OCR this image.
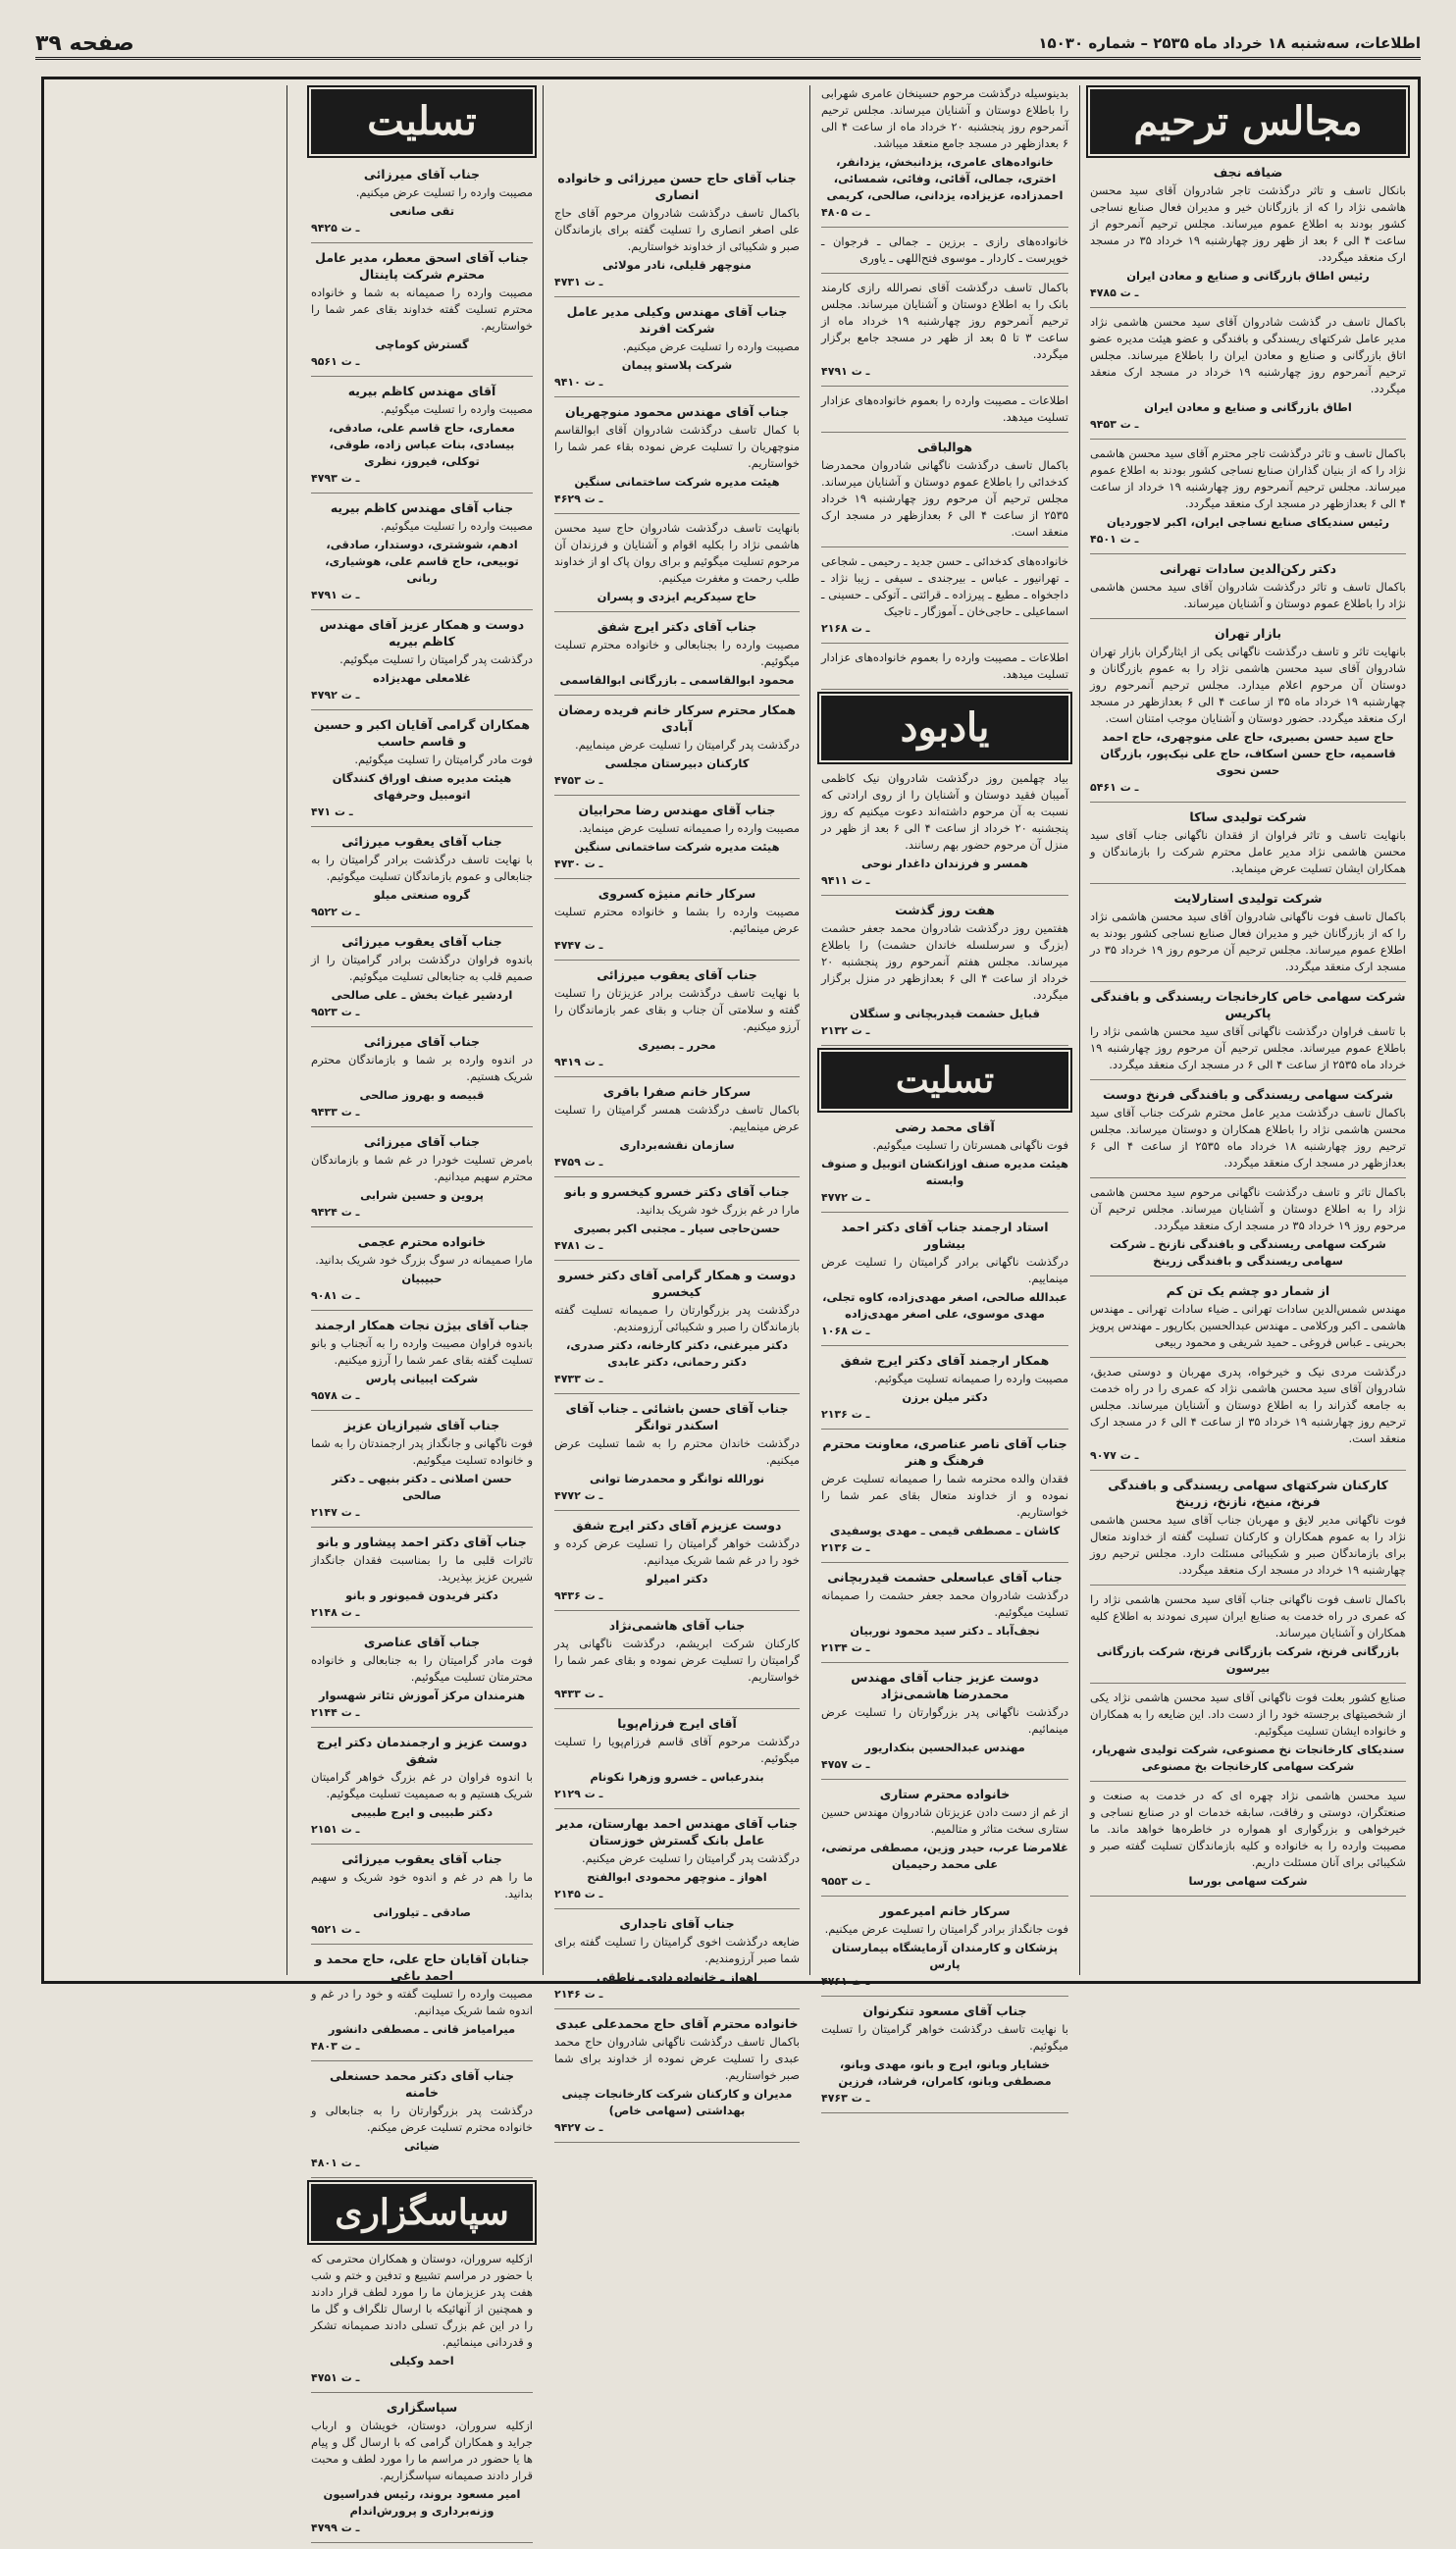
اطلاعات، سه‌شنبه ۱۸ خرداد ماه ۲۵۳۵ – شماره ۱۵۰۳۰
صفحه ۳۹
مجالس ترحیم
ضیافه نجف
بانکال تاسف و تاثر درگذشت تاجر شادروان آقای سید محسن هاشمی نژاد را که از بازرگانان خیر و مدیران فعال صنایع نساجی کشور بودند به اطلاع عموم میرساند. مجلس ترحیم آنمرحوم از ساعت ۴ الی ۶ بعد از ظهر روز چهارشنبه ۱۹ خرداد ۳۵ در مسجد ارک منعقد میگردد.
رئیس اطاق بازرگانی و صنایع و معادن ایران
۴۷۸۵ ـ ت
باکمال تاسف در گذشت شادروان آقای سید محسن هاشمی نژاد مدیر عامل شرکتهای ریسندگی و بافندگی و عضو هیئت مدیره عضو اتاق بازرگانی و صنایع و معادن ایران را باطلاع میرساند. مجلس ترحیم آنمرحوم روز چهارشنبه ۱۹ خرداد در مسجد ارک منعقد میگردد.
اطاق بازرگانی و صنایع و معادن ایران
۹۴۵۳ ـ ت
باکمال تاسف و تاثر درگذشت تاجر محترم آقای سید محسن هاشمی نژاد را که از بنیان گذاران صنایع نساجی کشور بودند به اطلاع عموم میرساند. مجلس ترحیم آنمرحوم روز چهارشنبه ۱۹ خرداد از ساعت ۴ الی ۶ بعدازظهر در مسجد ارک منعقد میگردد.
رئیس سندیکای صنایع نساجی ایران، اکبر لاجوردیان
۴۵۰۱ ـ ت
دکتر رکن‌الدین سادات تهرانی
باکمال تاسف و تاثر درگذشت شادروان آقای سید محسن هاشمی نژاد را باطلاع عموم دوستان و آشنایان میرساند.
بازار تهران
بانهایت تاثر و تاسف درگذشت ناگهانی یکی از ایثارگران بازار تهران شادروان آقای سید محسن هاشمی نژاد را به عموم بازرگانان و دوستان آن مرحوم اعلام میدارد. مجلس ترحیم آنمرحوم روز چهارشنبه ۱۹ خرداد ماه ۳۵ از ساعت ۴ الی ۶ بعدازظهر در مسجد ارک منعقد میگردد. حضور دوستان و آشنایان موجب امتنان است.
حاج سید حسن بصیری، حاج علی منوچهری، حاج احمد قاسمیه، حاج حسن اسکاف، حاج علی نیک‌پور، بازرگان حسن نحوی
۵۴۶۱ ـ ت
شرکت تولیدی ساکا
بانهایت تاسف و تاثر فراوان از فقدان ناگهانی جناب آقای سید محسن هاشمی نژاد مدیر عامل محترم شرکت را بازماندگان و همکاران ایشان تسلیت عرض مینماید.
شرکت تولیدی استارلایت
باکمال تاسف فوت ناگهانی شادروان آقای سید محسن هاشمی نژاد را که از بازرگانان خیر و مدیران فعال صنایع نساجی کشور بودند به اطلاع عموم میرساند. مجلس ترحیم آن مرحوم روز ۱۹ خرداد ۳۵ در مسجد ارک منعقد میگردد.
شرکت سهامی خاص کارخانجات ریسندگی و بافندگی پاکریس
با تاسف فراوان درگذشت ناگهانی آقای سید محسن هاشمی نژاد را باطلاع عموم میرساند. مجلس ترحیم آن مرحوم روز چهارشنبه ۱۹ خرداد ماه ۲۵۳۵ از ساعت ۴ الی ۶ در مسجد ارک منعقد میگردد.
شرکت سهامی ریسندگی و بافندگی فرنخ دوست
باکمال تاسف درگذشت مدیر عامل محترم شرکت جناب آقای سید محسن هاشمی نژاد را باطلاع همکاران و دوستان میرساند. مجلس ترحیم روز چهارشنبه ۱۸ خرداد ماه ۲۵۳۵ از ساعت ۴ الی ۶ بعدازظهر در مسجد ارک منعقد میگردد.
باکمال تاثر و تاسف درگذشت ناگهانی مرحوم سید محسن هاشمی نژاد را به اطلاع دوستان و آشنایان میرساند. مجلس ترحیم آن مرحوم روز ۱۹ خرداد ۳۵ در مسجد ارک منعقد میگردد.
شرکت سهامی ریسندگی و بافندگی نازنخ ـ شرکت سهامی ریسندگی و بافندگی زرینخ
از شمار دو چشم یک تن کم
مهندس شمس‌الدین سادات تهرانی ـ ضیاء سادات تهرانی ـ مهندس هاشمی ـ اکبر ورکلامی ـ مهندس عبدالحسین بکارپور ـ مهندس پرویز بحرینی ـ عباس فروغی ـ حمید شریفی و محمود ربیعی
درگذشت مردی نیک و خیرخواه، پدری مهربان و دوستی صدیق، شادروان آقای سید محسن هاشمی نژاد که عمری را در راه خدمت به جامعه گذراند را به اطلاع دوستان و آشنایان میرساند. مجلس ترحیم روز چهارشنبه ۱۹ خرداد ۳۵ از ساعت ۴ الی ۶ در مسجد ارک منعقد است.
۹۰۷۷ ـ ت
کارکنان شرکتهای سهامی ریسندگی و بافندگی فرنخ، منیخ، نازنخ، زرینخ
فوت ناگهانی مدیر لایق و مهربان جناب آقای سید محسن هاشمی نژاد را به عموم همکاران و کارکنان تسلیت گفته از خداوند متعال برای بازماندگان صبر و شکیبائی مسئلت دارد. مجلس ترحیم روز چهارشنبه ۱۹ خرداد در مسجد ارک منعقد میگردد.
باکمال تاسف فوت ناگهانی جناب آقای سید محسن هاشمی نژاد را که عمری در راه خدمت به صنایع ایران سپری نمودند به اطلاع کلیه همکاران و آشنایان میرساند.
بازرگانی فرنخ، شرکت بازرگانی فرنخ، شرکت بازرگانی بیرسون
صنایع کشور بعلت فوت ناگهانی آقای سید محسن هاشمی نژاد یکی از شخصیتهای برجسته خود را از دست داد. این ضایعه را به همکاران و خانواده ایشان تسلیت میگوئیم.
سندیکای کارخانجات نخ مصنوعی، شرکت تولیدی شهرپار، شرکت سهامی کارخانجات بخ مصنوعی
سید محسن هاشمی نژاد چهره ای که در خدمت به صنعت و صنعتگران، دوستی و رفاقت، سابقه خدمات او در صنایع نساجی و خیرخواهی و بزرگواری او همواره در خاطره‌ها خواهد ماند. ما مصیبت وارده را به خانواده و کلیه بازماندگان تسلیت گفته صبر و شکیبائی برای آنان مسئلت داریم.
شرکت سهامی بورسا
بدینوسیله درگذشت مرحوم حسینخان عامری شهرابی را باطلاع دوستان و آشنایان میرساند. مجلس ترحیم آنمرحوم روز پنجشنبه ۲۰ خرداد ماه از ساعت ۴ الی ۶ بعدازظهر در مسجد جامع منعقد میباشد.
خانواده‌های عامری، یزدانبخش، یزدانفر، اختری، جمالی، آقائی، وفائی، شمسائی، احمدزاده، عزیزاده، یزدانی، صالحی، کریمی
۴۸۰۵ ـ ت
خانواده‌های رازی ـ برزین ـ جمالی ـ فرجوان ـ خوپرست ـ کاردار ـ موسوی فتح‌اللهی ـ یاوری
باکمال تاسف درگذشت آقای نصرالله رازی کارمند بانک را به اطلاع دوستان و آشنایان میرساند. مجلس ترحیم آنمرحوم روز چهارشنبه ۱۹ خرداد ماه از ساعت ۳ تا ۵ بعد از ظهر در مسجد جامع برگزار میگردد.
۴۷۹۱ ـ ت
اطلاعات ـ مصیبت وارده را بعموم خانواده‌های عزادار تسلیت میدهد.
هوالباقی
باکمال تاسف درگذشت ناگهانی شادروان محمدرضا کدخدائی را باطلاع عموم دوستان و آشنایان میرساند. مجلس ترحیم آن مرحوم روز چهارشنبه ۱۹ خرداد ۲۵۳۵ از ساعت ۴ الی ۶ بعدازظهر در مسجد ارک منعقد است.
خانواده‌های کدخدائی ـ حسن جدید ـ رحیمی ـ شجاعی ـ تهرانیور ـ عباس ـ بیرجندی ـ سیفی ـ زیبا نژاد ـ داجخواه ـ مطیع ـ پیرزاده ـ قرائتی ـ آتوکی ـ حسینی ـ اسماعیلی ـ حاجی‌خان ـ آموزگار ـ تاجیک
۲۱۶۸ ـ ت
اطلاعات ـ مصیبت وارده را بعموم خانواده‌های عزادار تسلیت میدهد.
یادبود
بیاد چهلمین روز درگذشت شادروان نیک کاظمی آمیبان فقید دوستان و آشنایان را از روی ارادتی که نسبت به آن مرحوم داشته‌اند دعوت میکنیم که روز پنجشنبه ۲۰ خرداد از ساعت ۴ الی ۶ بعد از ظهر در منزل آن مرحوم حضور بهم رسانند.
همسر و فرزندان داغدار نوحی
۹۴۱۱ ـ ت
هفت روز گذشت
هفتمین روز درگذشت شادروان محمد جعفر حشمت (بزرگ و سرسلسله خاندان حشمت) را باطلاع میرساند. مجلس هفتم آنمرحوم روز پنجشنبه ۲۰ خرداد از ساعت ۴ الی ۶ بعدازظهر در منزل برگزار میگردد.
قبایل حشمت قیدربچانی و سنگلان
۲۱۳۲ ـ ت
تسلیت
آقای محمد رضی
فوت ناگهانی همسرتان را تسلیت میگوئیم.
هیئت مدیره صنف اوزانکشان اتوبیل و صنوف وابسته
۴۷۷۲ ـ ت
استاد ارجمند جناب آقای دکتر احمد بیشاور
درگذشت ناگهانی برادر گرامیتان را تسلیت عرض مینماییم.
عبدالله صالحی، اصغر مهدی‌زاده، کاوه تجلی، مهدی موسوی، علی اصغر مهدی‌زاده
۱۰۶۸ ـ ت
همکار ارجمند آقای دکتر ایرج شفق
مصیبت وارده را صمیمانه تسلیت میگوئیم.
دکتر میلن برزن
۲۱۳۶ ـ ت
جناب آقای ناصر عناصری، معاونت محترم فرهنگ و هنر
فقدان والده محترمه شما را صمیمانه تسلیت عرض نموده و از خداوند متعال بقای عمر شما را خواستاریم.
کاشان ـ مصطفی قیمی ـ مهدی یوسفیدی
۲۱۳۶ ـ ت
جناب آقای عباسعلی حشمت قیدربچانی
درگذشت شادروان محمد جعفر حشمت را صمیمانه تسلیت میگوئیم.
نجف‌آباد ـ دکتر سید محمود نوربیان
۲۱۳۴ ـ ت
دوست عزیز جناب آقای مهندس محمدرضا هاشمی‌نژاد
درگذشت ناگهانی پدر بزرگوارتان را تسلیت عرض مینمائیم.
مهندس عبدالحسین بنکداریور
۴۷۵۷ ـ ت
خانواده محترم ستاری
از غم از دست دادن عزیزتان شادروان مهندس حسین ستاری سخت متاثر و متالمیم.
غلامرضا عرب، حیدر وزین، مصطفی مرتضی، علی محمد رحیمیان
۹۵۵۳ ـ ت
سرکار خانم امیرعمور
فوت جانگداز برادر گرامیتان را تسلیت عرض میکنیم.
پزشکان و کارمندان آزمایشگاه بیمارستان پارس
۴۷۶۱ ـ ت
جناب آقای مسعود تنکرنوان
با نهایت تاسف درگذشت خواهر گرامیتان را تسلیت میگوئیم.
خشایار وبانو، ایرج و بانو، مهدی وبانو، مصطفی وبانو، کامران، فرشاد، فرزین
۴۷۶۳ ـ ت
جناب آقای حاج حسن میرزائی و خانواده انصاری
باکمال تاسف درگذشت شادروان مرحوم آقای حاج علی اصغر انصاری را تسلیت گفته برای بازماندگان صبر و شکیبائی از خداوند خواستاریم.
منوچهر قلیلی، نادر مولائی
۴۷۳۱ ـ ت
جناب آقای مهندس وکیلی مدیر عامل شرکت افرند
مصیبت وارده را تسلیت عرض میکنیم.
شرکت پلاستو پیمان
۹۴۱۰ ـ ت
جناب آقای مهندس محمود منوچهریان
با کمال تاسف درگذشت شادروان آقای ابوالقاسم منوچهریان را تسلیت عرض نموده بقاء عمر شما را خواستاریم.
هیئت مدیره شرکت ساختمانی سنگین
۴۶۲۹ ـ ت
بانهایت تاسف درگذشت شادروان حاج سید محسن هاشمی نژاد را بکلیه اقوام و آشنایان و فرزندان آن مرحوم تسلیت میگوئیم و برای روان پاک او از خداوند طلب رحمت و مغفرت میکنیم.
حاج سیدکریم ایزدی و پسران
جناب آقای دکتر ایرج شفق
مصیبت وارده را بجنابعالی و خانواده محترم تسلیت میگوئیم.
محمود ابوالقاسمی ـ بازرگانی ابوالقاسمی
همکار محترم سرکار خانم فریده رمضان آبادی
درگذشت پدر گرامیتان را تسلیت عرض مینماییم.
کارکنان دبیرستان مجلسی
۴۷۵۳ ـ ت
جناب آقای مهندس رضا محرابیان
مصیبت وارده را صمیمانه تسلیت عرض مینماید.
هیئت مدیره شرکت ساختمانی سنگین
۴۷۳۰ ـ ت
سرکار خانم منیژه کسروی
مصیبت وارده را بشما و خانواده محترم تسلیت عرض مینمائیم.
۴۷۴۷ ـ ت
جناب آقای یعقوب میرزائی
با نهایت تاسف درگذشت برادر عزیزتان را تسلیت گفته و سلامتی آن جناب و بقای عمر بازماندگان را آرزو میکنیم.
محرر ـ بصیری
۹۴۱۹ ـ ت
سرکار خانم صفرا باقری
باکمال تاسف درگذشت همسر گرامیتان را تسلیت عرض مینماییم.
سازمان نقشه‌برداری
۴۷۵۹ ـ ت
جناب آقای دکتر خسرو کیخسرو و بانو
مارا در غم بزرگ خود شریک بدانید.
حسن‌حاجی سیار ـ مجتبی اکبر بصیری
۴۷۸۱ ـ ت
دوست و همکار گرامی آقای دکتر خسرو کیخسرو
درگذشت پدر بزرگوارتان را صمیمانه تسلیت گفته بازماندگان را صبر و شکیبائی آرزومندیم.
دکتر میرغنی، دکتر کارخانه، دکتر صدری، دکتر رحمانی، دکتر عابدی
۴۷۳۳ ـ ت
جناب آقای حسن باشائی ـ جناب آقای اسکندر توانگر
درگذشت خاندان محترم را به شما تسلیت عرض میکنیم.
نورالله توانگر و محمدرضا توانی
۴۷۷۲ ـ ت
دوست عزیزم آقای دکتر ایرج شفق
درگذشت خواهر گرامیتان را تسلیت عرض کرده و خود را در غم شما شریک میدانیم.
دکتر امیرلو
۹۴۳۶ ـ ت
جناب آقای هاشمی‌نژاد
کارکنان شرکت ابریشم، درگذشت ناگهانی پدر گرامیتان را تسلیت عرض نموده و بقای عمر شما را خواستاریم.
۹۴۳۳ ـ ت
آقای ایرج فرزام‌پویا
درگذشت مرحوم آقای قاسم فرزام‌پویا را تسلیت میگوئیم.
بندرعباس ـ خسرو وزهرا نکونام
۲۱۲۹ ـ ت
جناب آقای مهندس احمد بهارستان، مدیر عامل بانک گسترش خوزستان
درگذشت پدر گرامیتان را تسلیت عرض میکنیم.
اهواز ـ منوچهر محمودی ابوالفتح
۲۱۴۵ ـ ت
جناب آقای تاجداری
ضایعه درگذشت اخوی گرامیتان را تسلیت گفته برای شما صبر آرزومندیم.
اهواز ـ خانواده دادی ـ ناطقی
۲۱۴۶ ـ ت
خانواده محترم آقای حاج محمدعلی عبدی
باکمال تاسف درگذشت ناگهانی شادروان حاج محمد عبدی را تسلیت عرض نموده از خداوند برای شما صبر خواستاریم.
مدیران و کارکنان شرکت کارخانجات چینی بهداشتی (سهامی خاص)
۹۴۲۷ ـ ت
تسلیت
جناب آقای میرزائی
مصیبت وارده را تسلیت عرض میکنیم.
تقی صانعی
۹۴۲۵ ـ ت
جناب آقای اسحق معطر، مدیر عامل محترم شرکت پاینتال
مصیبت وارده را صمیمانه به شما و خانواده محترم تسلیت گفته خداوند بقای عمر شما را خواستاریم.
گسترش کوماچی
۹۵۶۱ ـ ت
آقای مهندس کاظم بیریه
مصیبت وارده را تسلیت میگوئیم.
معماری، حاج قاسم علی، صادقی، بیسادی، بنات عباس زاده، طوقی، توکلی، فیروز، نظری
۴۷۹۳ ـ ت
جناب آقای مهندس کاظم بیریه
مصیبت وارده را تسلیت میگوئیم.
ادهم، شوشتری، دوستدار، صادقی، توبیعی، حاج قاسم علی، هوشیاری، ربانی
۴۷۹۱ ـ ت
دوست و همکار عزیز آقای مهندس کاظم بیریه
درگذشت پدر گرامیتان را تسلیت میگوئیم.
غلامعلی مهدیزاده
۴۷۹۲ ـ ت
همکاران گرامی آقایان اکبر و حسین و قاسم حاسب
فوت مادر گرامیتان را تسلیت میگوئیم.
هیئت مدیره صنف اوراق کنندگان اتومبیل وحرفهای
۴۷۱ ـ ت
جناب آقای یعقوب میرزائی
با نهایت تاسف درگذشت برادر گرامیتان را به جنابعالی و عموم بازماندگان تسلیت میگوئیم.
گروه صنعتی میلو
۹۵۲۲ ـ ت
جناب آقای یعقوب میرزائی
باندوه فراوان درگذشت برادر گرامیتان را از صمیم قلب به جنابعالی تسلیت میگوئیم.
اردشیر غیاث بخش ـ علی صالحی
۹۵۲۳ ـ ت
جناب آقای میرزائی
در اندوه وارده بر شما و بازماندگان محترم شریک هستیم.
قبیصه و بهروز صالحی
۹۴۳۳ ـ ت
جناب آقای میرزائی
بامرض تسلیت خودرا در غم شما و بازماندگان محترم سهیم میدانیم.
پروین و حسین شرابی
۹۴۲۴ ـ ت
خانواده محترم عجمی
مارا صمیمانه در سوگ بزرگ خود شریک بدانید.
حبیبیان
۹۰۸۱ ـ ت
جناب آقای بیژن نجات همکار ارجمند
باندوه فراوان مصیبت وارده را به آنجناب و بانو تسلیت گفته بقای عمر شما را آرزو میکنیم.
شرکت ایبیانی پارس
۹۵۷۸ ـ ت
جناب آقای شیرازیان عزیز
فوت ناگهانی و جانگداز پدر ارجمندتان را به شما و خانواده تسلیت میگوئیم.
حسن اصلانی ـ دکتر بنیهی ـ دکتر صالحی
۲۱۴۷ ـ ت
جناب آقای دکتر احمد پیشاور و بانو
تاثرات قلبی ما را بمناسبت فقدان جانگداز شیرین عزیز بپذیرید.
دکتر فریدون قمیونور و بانو
۲۱۴۸ ـ ت
جناب آقای عناصری
فوت مادر گرامیتان را به جنابعالی و خانواده محترمتان تسلیت میگوئیم.
هنرمندان مرکز آموزش تئاتر شهسوار
۲۱۴۴ ـ ت
دوست عزیز و ارجمندمان دکتر ایرج شفق
با اندوه فراوان در غم بزرگ خواهر گرامیتان شریک هستیم و به صمیمیت تسلیت میگوئیم.
دکتر طبیبی و ایرج طبیبی
۲۱۵۱ ـ ت
جناب آقای یعقوب میرزائی
ما را هم در غم و اندوه خود شریک و سهیم بدانید.
صادقی ـ تیلورانی
۹۵۲۱ ـ ت
جنابان آقایان حاج علی، حاج محمد و احمد باغی
مصیبت وارده را تسلیت گفته و خود را در غم و اندوه شما شریک میدانیم.
میرامیامز قانی ـ مصطفی دانشور
۴۸۰۳ ـ ت
جناب آقای دکتر محمد حسنعلی خامنه
درگذشت پدر بزرگوارتان را به جنابعالی و خانواده محترم تسلیت عرض میکنم.
ضیائی
۴۸۰۱ ـ ت
سپاسگزاری
ازکلیه سروران، دوستان و همکاران محترمی که با حضور در مراسم تشییع و تدفین و ختم و شب هفت پدر عزیزمان ما را مورد لطف قرار دادند و همچنین از آنهائیکه با ارسال تلگراف و گل ما را در این غم بزرگ تسلی دادند صمیمانه تشکر و قدردانی مینمائیم.
احمد وکیلی
۴۷۵۱ ـ ت
سپاسگزاری
ازکلیه سروران، دوستان، خویشان و ارباب جراید و همکاران گرامی که با ارسال گل و پیام ها یا حضور در مراسم ما را مورد لطف و محبت قرار دادند صمیمانه سپاسگزاریم.
امیر مسعود بروند، رئیس فدراسیون وزنه‌برداری و پرورش‌اندام
۴۷۹۹ ـ ت
